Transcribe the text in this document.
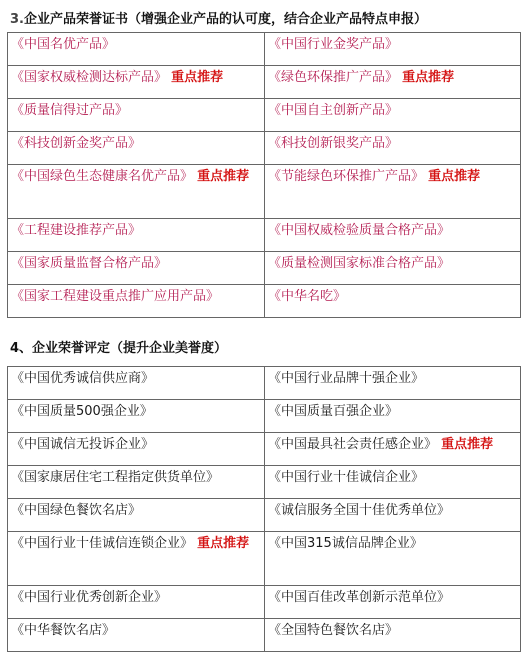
3.企业产品荣誉证书（增强企业产品的认可度，结合企业产品特点申报）
《中国名优产品》	《中国行业金奖产品》
《国家权威检测达标产品》 重点推荐	《绿色环保推广产品》 重点推荐
《质量信得过产品》	《中国自主创新产品》
《科技创新金奖产品》	《科技创新银奖产品》
《中国绿色生态健康名优产品》 重点推荐	《节能绿色环保推广产品》 重点推荐
《工程建设推荐产品》	《中国权威检验质量合格产品》
《国家质量监督合格产品》	《质量检测国家标准合格产品》
《国家工程建设重点推广应用产品》	《中华名吃》
4、企业荣誉评定（提升企业美誉度）
《中国优秀诚信供应商》	《中国行业品牌十强企业》
《中国质量500强企业》	《中国质量百强企业》
《中国诚信无投诉企业》	《中国最具社会责任感企业》 重点推荐
《国家康居住宅工程指定供货单位》	《中国行业十佳诚信企业》
《中国绿色餐饮名店》	《诚信服务全国十佳优秀单位》
《中国行业十佳诚信连锁企业》 重点推荐	《中国315诚信品牌企业》
《中国行业优秀创新企业》	《中国百佳改革创新示范单位》
《中华餐饮名店》	《全国特色餐饮名店》
